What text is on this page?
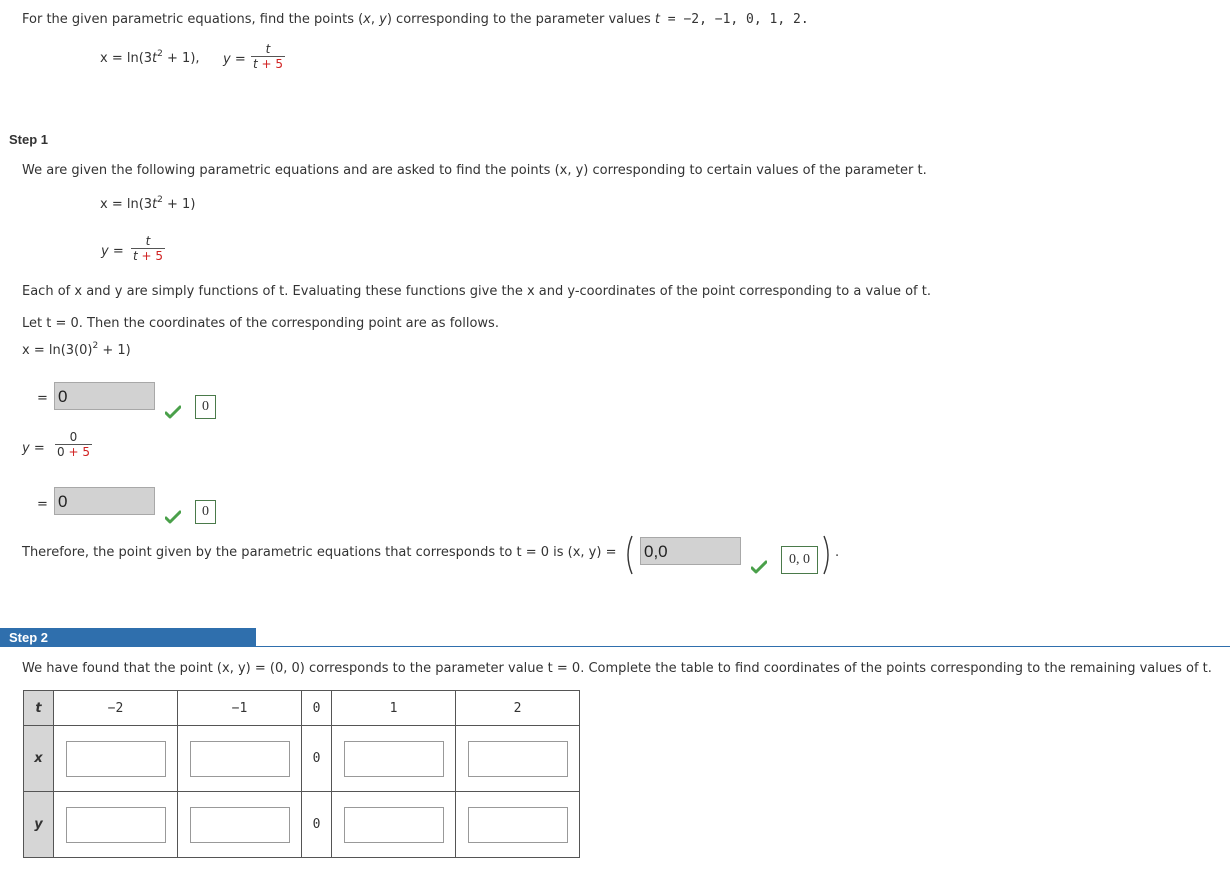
For the given parametric equations, find the points (x, y) corresponding to the parameter values t = −2, −1, 0, 1, 2.
$x = \ln(3t^2 + 1)$, $y = \frac{t}{t + 5}$
Step 1
We are given the following parametric equations and are asked to find the points (x, y) corresponding to certain values of the parameter t.
$x = \ln(3t^2 + 1)$
$y = \frac{t}{t + 5}$
Each of x and y are simply functions of t. Evaluating these functions give the x and y-coordinates of the point corresponding to a value of t.
Let t = 0. Then the coordinates of the corresponding point are as follows.
$x = \ln(3(0)^2 + 1)$
= 0
0
$y = \frac{0}{0 + 5}$
= 0
0
Therefore, the point given by the parametric equations that corresponds to t = 0 is (x, y) = 0,0	0, 0	.
Step 2
We have found that the point (x, y) = (0, 0) corresponds to the parameter value t = 0. Complete the table to find coordinates of the points corresponding to the remaining values of t.
t	−2	−1	0	1	2
x			0		
y			0		
